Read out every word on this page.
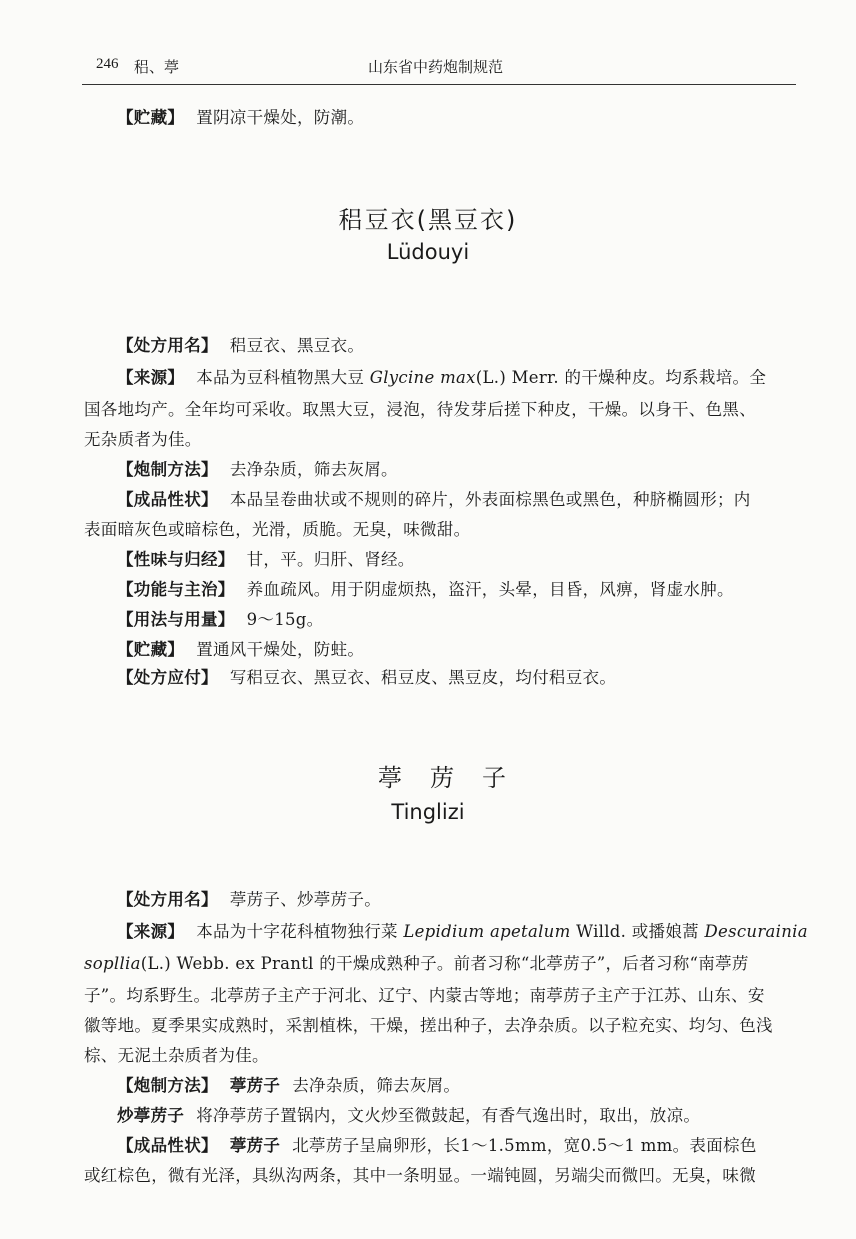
246 稆、葶	山东省中药炮制规范
【贮藏】 置阴凉干燥处，防潮。
稆豆衣(黑豆衣)
Lüdouyi
【处方用名】 稆豆衣、黑豆衣。
【来源】 本品为豆科植物黑大豆 Glycine max(L.) Merr. 的干燥种皮。均系栽培。全
国各地均产。全年均可采收。取黑大豆，浸泡，待发芽后搓下种皮，干燥。以身干、色黑、
无杂质者为佳。
【炮制方法】 去净杂质，筛去灰屑。
【成品性状】 本品呈卷曲状或不规则的碎片，外表面棕黑色或黑色，种脐椭圆形；内
表面暗灰色或暗棕色，光滑，质脆。无臭，味微甜。
【性味与归经】 甘，平。归肝、肾经。
【功能与主治】 养血疏风。用于阴虚烦热，盗汗，头晕，目昏，风痹，肾虚水肿。
【用法与用量】 9～15g。
【贮藏】 置通风干燥处，防蛀。
【处方应付】 写稆豆衣、黑豆衣、稆豆皮、黑豆皮，均付稆豆衣。
葶苈子
Tinglizi
【处方用名】 葶苈子、炒葶苈子。
【来源】 本品为十字花科植物独行菜 Lepidium apetalum Willd. 或播娘蒿 Descurainia
sopllia(L.) Webb. ex Prantl 的干燥成熟种子。前者习称“北葶苈子”，后者习称“南葶苈
子”。均系野生。北葶苈子主产于河北、辽宁、内蒙古等地；南葶苈子主产于江苏、山东、安
徽等地。夏季果实成熟时，采割植株，干燥，搓出种子，去净杂质。以子粒充实、均匀、色浅
棕、无泥土杂质者为佳。
【炮制方法】 葶苈子 去净杂质，筛去灰屑。
炒葶苈子 将净葶苈子置锅内，文火炒至微鼓起，有香气逸出时，取出，放凉。
【成品性状】 葶苈子 北葶苈子呈扁卵形，长1～1.5mm，宽0.5～1 mm。表面棕色
或红棕色，微有光泽，具纵沟两条，其中一条明显。一端钝圆，另端尖而微凹。无臭，味微
